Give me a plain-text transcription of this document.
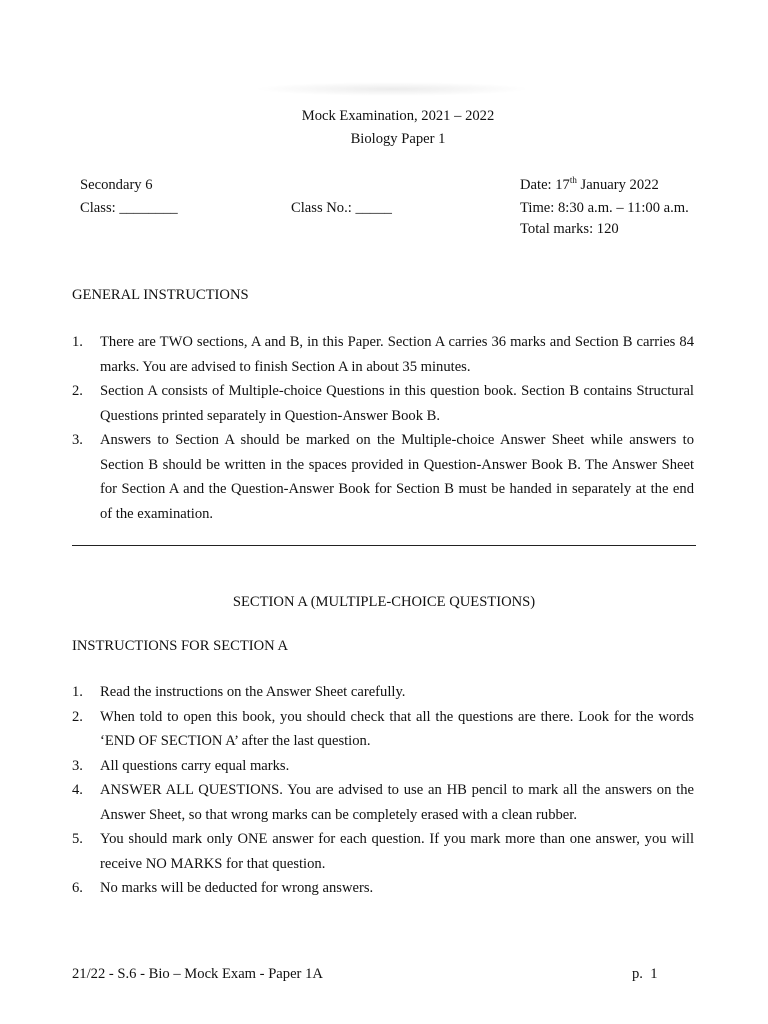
Mock Examination, 2021 – 2022
Biology Paper 1
Secondary 6
Class: ________	Class No.: _____
Date: 17th January 2022
Time: 8:30 a.m. – 11:00 a.m.
Total marks: 120
GENERAL INSTRUCTIONS
1. There are TWO sections, A and B, in this Paper. Section A carries 36 marks and Section B carries 84 marks. You are advised to finish Section A in about 35 minutes.
2. Section A consists of Multiple-choice Questions in this question book. Section B contains Structural Questions printed separately in Question-Answer Book B.
3. Answers to Section A should be marked on the Multiple-choice Answer Sheet while answers to Section B should be written in the spaces provided in Question-Answer Book B. The Answer Sheet for Section A and the Question-Answer Book for Section B must be handed in separately at the end of the examination.
SECTION A (MULTIPLE-CHOICE QUESTIONS)
INSTRUCTIONS FOR SECTION A
1. Read the instructions on the Answer Sheet carefully.
2. When told to open this book, you should check that all the questions are there. Look for the words ‘END OF SECTION A’ after the last question.
3. All questions carry equal marks.
4. ANSWER ALL QUESTIONS. You are advised to use an HB pencil to mark all the answers on the Answer Sheet, so that wrong marks can be completely erased with a clean rubber.
5. You should mark only ONE answer for each question. If you mark more than one answer, you will receive NO MARKS for that question.
6. No marks will be deducted for wrong answers.
21/22 - S.6 - Bio – Mock Exam - Paper 1A	p.  1
